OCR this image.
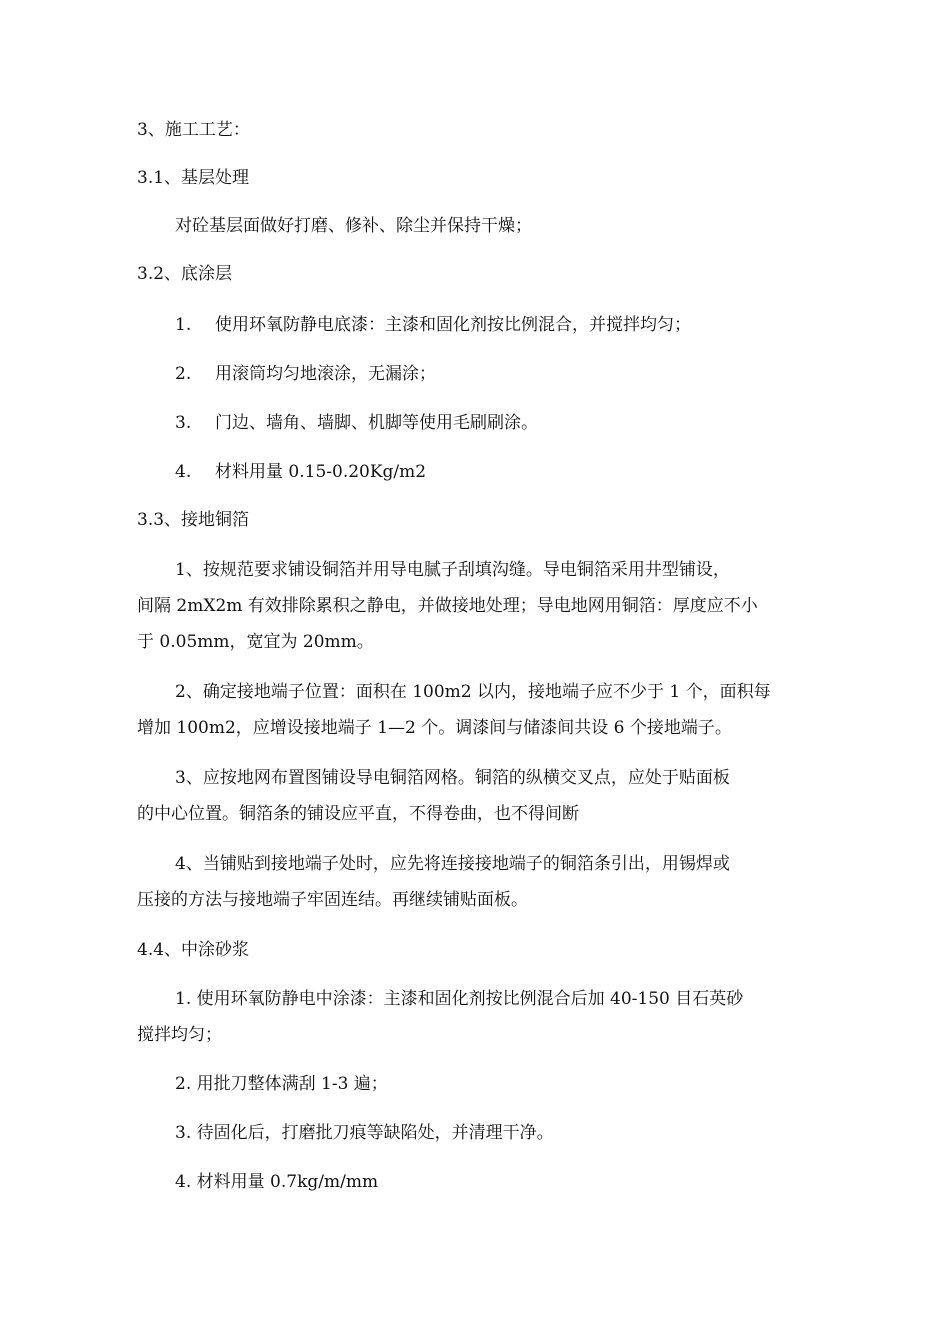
3、施工工艺：
3.1、基层处理
对砼基层面做好打磨、修补、除尘并保持干燥；
3.2、底涂层
1. 使用环氧防静电底漆：主漆和固化剂按比例混合，并搅拌均匀；
2. 用滚筒均匀地滚涂，无漏涂；
3. 门边、墙角、墙脚、机脚等使用毛刷刷涂。
4. 材料用量 0.15-0.20Kg/m2
3.3、接地铜箔
1、按规范要求铺设铜箔并用导电腻子刮填沟缝。导电铜箔采用井型铺设，
间隔 2mX2m 有效排除累积之静电，并做接地处理；导电地网用铜箔：厚度应不小
于 0.05mm，宽宜为 20mm。
2、确定接地端子位置：面积在 100m2 以内，接地端子应不少于 1 个，面积每
增加 100m2，应增设接地端子 1—2 个。调漆间与储漆间共设 6 个接地端子。
3、应按地网布置图铺设导电铜箔网格。铜箔的纵横交叉点，应处于贴面板
的中心位置。铜箔条的铺设应平直，不得卷曲，也不得间断
4、当铺贴到接地端子处时，应先将连接接地端子的铜箔条引出，用锡焊或
压接的方法与接地端子牢固连结。再继续铺贴面板。
4.4、中涂砂浆
1. 使用环氧防静电中涂漆：主漆和固化剂按比例混合后加 40-150 目石英砂
搅拌均匀；
2. 用批刀整体满刮 1-3 遍；
3. 待固化后，打磨批刀痕等缺陷处，并清理干净。
4. 材料用量 0.7kg/m/mm
